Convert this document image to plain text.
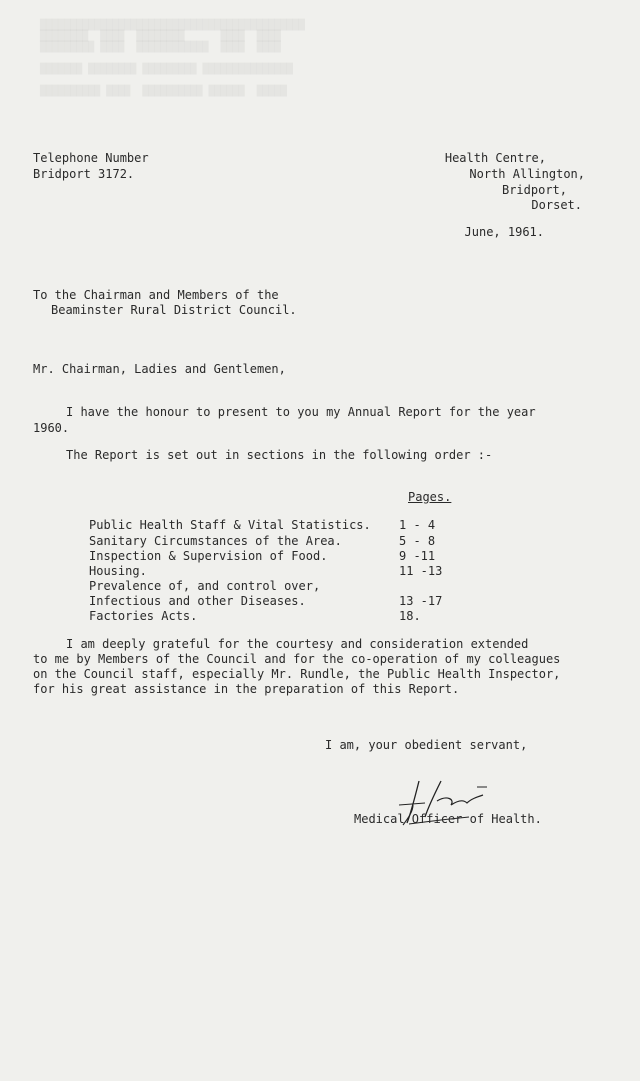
████████████████████████████████████████████
████████  ████  ████████      ████  ████
█████████ ████  ████████████  ████  ████

███████ ████████ █████████ ███████████████

██████████ ████  ██████████ ██████  █████
Telephone Number
Bridport 3172.
Health Centre,
North Allington,
Bridport,
Dorset.
June, 1961.
To the Chairman and Members of the
Beaminster Rural District Council.
Mr. Chairman, Ladies and Gentlemen,
I have the honour to present to you my Annual Report for the year
1960.
The Report is set out in sections in the following order :-
Pages.
Public Health Staff & Vital Statistics. 1 - 4
Sanitary Circumstances of the Area.	5 - 8
Inspection & Supervision of Food.	9 -11
Housing.	11 -13
Prevalence of, and control over,
Infectious and other Diseases.	13 -17
Factories Acts.	18.
I am deeply grateful for the courtesy and consideration extended
to me by Members of the Council and for the co-operation of my colleagues
on the Council staff, especially Mr. Rundle, the Public Health Inspector,
for his great assistance in the preparation of this Report.
I am, your obedient servant,
Medical Officer of Health.
